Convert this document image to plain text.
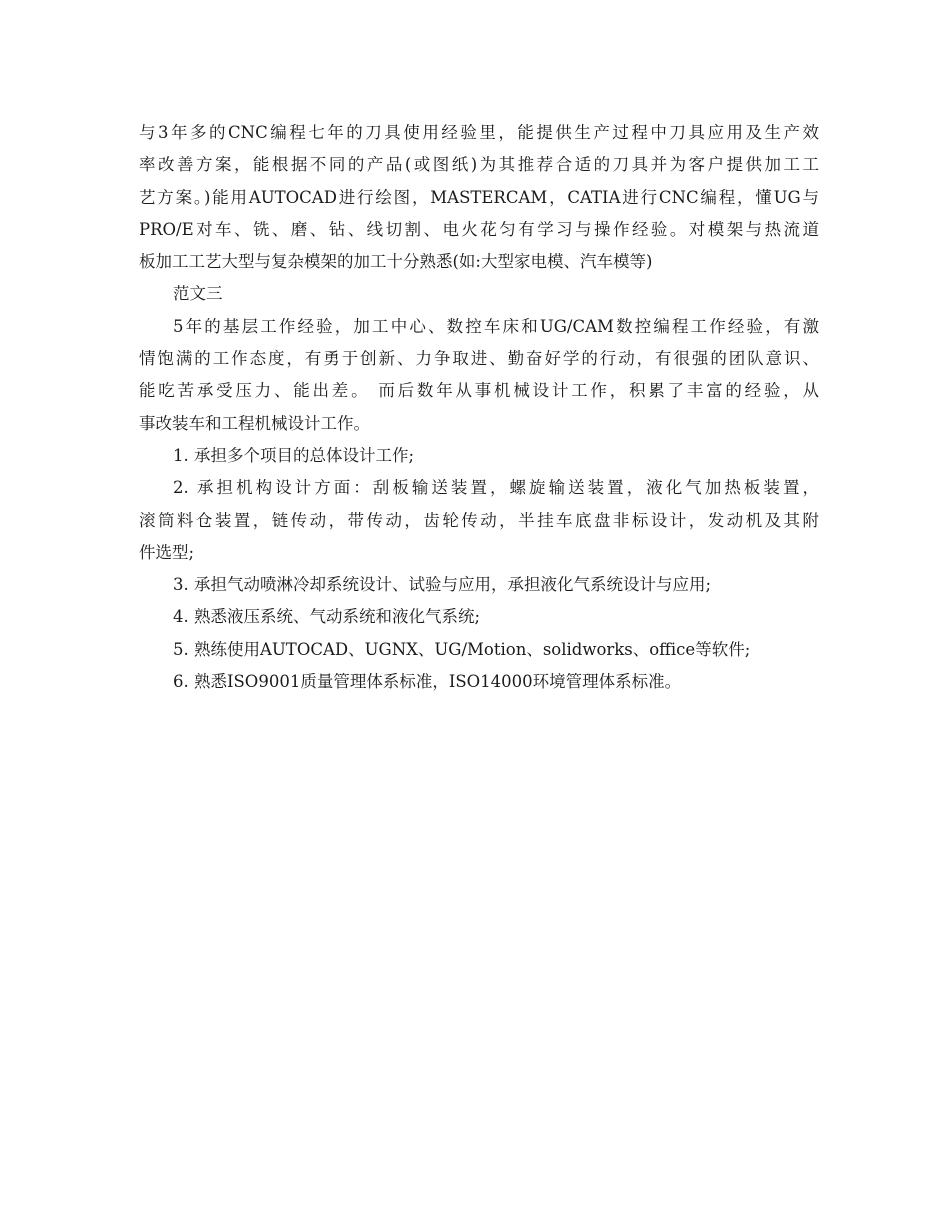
与3年多的CNC编程七年的刀具使用经验里，能提供生产过程中刀具应用及生产效
率改善方案，能根据不同的产品(或图纸)为其推荐合适的刀具并为客户提供加工工
艺方案。)能用AUTOCAD进行绘图，MASTERCAM，CATIA进行CNC编程，懂UG与
PRO/E对车、铣、磨、钻、线切割、电火花匀有学习与操作经验。对模架与热流道
板加工工艺大型与复杂模架的加工十分熟悉(如:大型家电模、汽车模等)
范文三
5年的基层工作经验，加工中心、数控车床和UG/CAM数控编程工作经验，有激
情饱满的工作态度，有勇于创新、力争取进、勤奋好学的行动，有很强的团队意识、
能吃苦承受压力、能出差。 而后数年从事机械设计工作，积累了丰富的经验，从
事改装车和工程机械设计工作。
1. 承担多个项目的总体设计工作;
2. 承担机构设计方面：刮板输送装置，螺旋输送装置，液化气加热板装置，
滚筒料仓装置，链传动，带传动，齿轮传动，半挂车底盘非标设计，发动机及其附
件选型;
3. 承担气动喷淋冷却系统设计、试验与应用，承担液化气系统设计与应用;
4. 熟悉液压系统、气动系统和液化气系统;
5. 熟练使用AUTOCAD、UGNX、UG/Motion、solidworks、office等软件;
6. 熟悉ISO9001质量管理体系标准，ISO14000环境管理体系标准。
